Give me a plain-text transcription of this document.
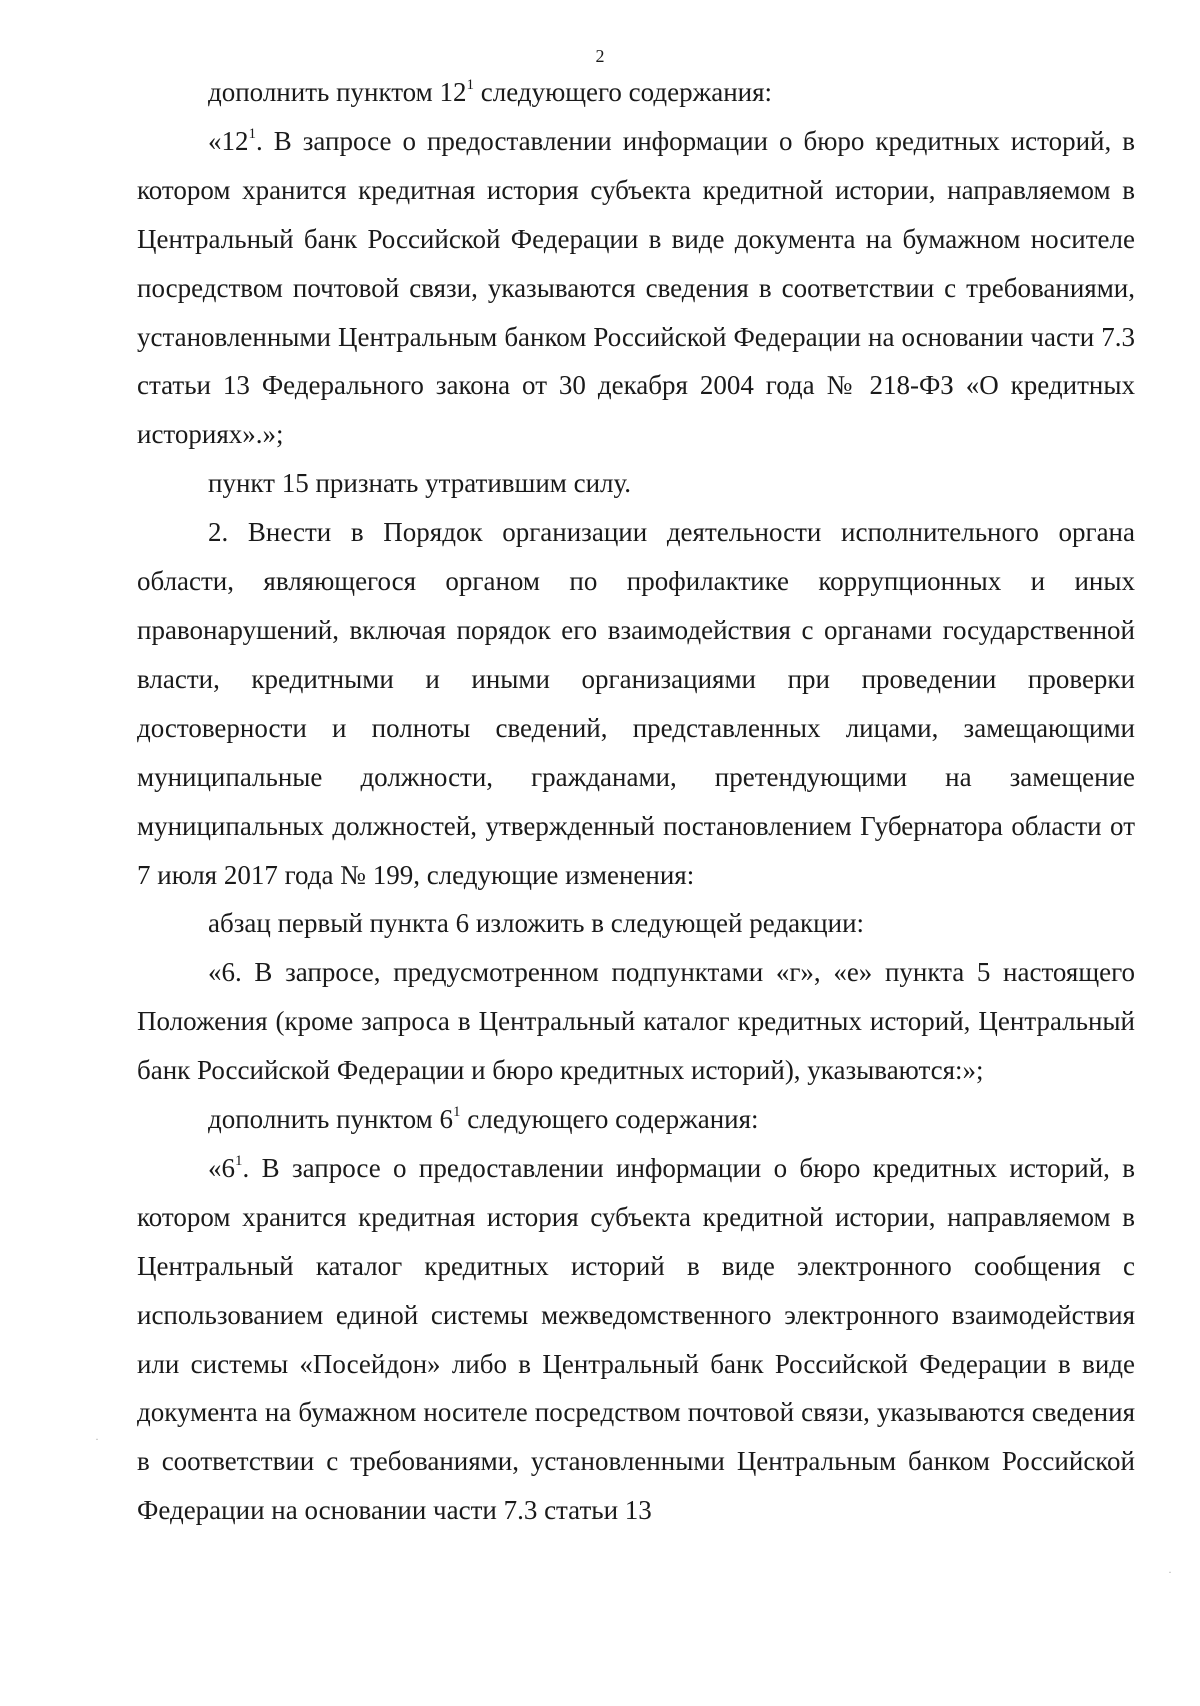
2

дополнить пунктом $12^1$ следующего содержания:

«$12^1$. В запросе о предоставлении информации о бюро кредитных историй, в котором хранится кредитная история субъекта кредитной истории, направляемом в Центральный банк Российской Федерации в виде документа на бумажном носителе посредством почтовой связи, указываются сведения в соответствии с требованиями, установленными Центральным банком Российской Федерации на основании части 7.3 статьи 13 Федерального закона от 30 декабря 2004 года № 218-ФЗ «О кредитных историях».»;

пункт 15 признать утратившим силу.

2. Внести в Порядок организации деятельности исполнительного органа области, являющегося органом по профилактике коррупционных и иных правонарушений, включая порядок его взаимодействия с органами государственной власти, кредитными и иными организациями при проведении проверки достоверности и полноты сведений, представленных лицами, замещающими муниципальные должности, гражданами, претендующими на замещение муниципальных должностей, утвержденный постановлением Губернатора области от 7 июля 2017 года № 199, следующие изменения:

абзац первый пункта 6 изложить в следующей редакции:

«6. В запросе, предусмотренном подпунктами «г», «е» пункта 5 настоящего Положения (кроме запроса в Центральный каталог кредитных историй, Центральный банк Российской Федерации и бюро кредитных историй), указываются:»;

дополнить пунктом $6^1$ следующего содержания:

«$6^1$. В запросе о предоставлении информации о бюро кредитных историй, в котором хранится кредитная история субъекта кредитной истории, направляемом в Центральный каталог кредитных историй в виде электронного сообщения с использованием единой системы межведомственного электронного взаимодействия или системы «Посейдон» либо в Центральный банк Российской Федерации в виде документа на бумажном носителе посредством почтовой связи, указываются сведения в соответствии с требованиями, установленными Центральным банком Российской Федерации на основании части 7.3 статьи 13

·
·
